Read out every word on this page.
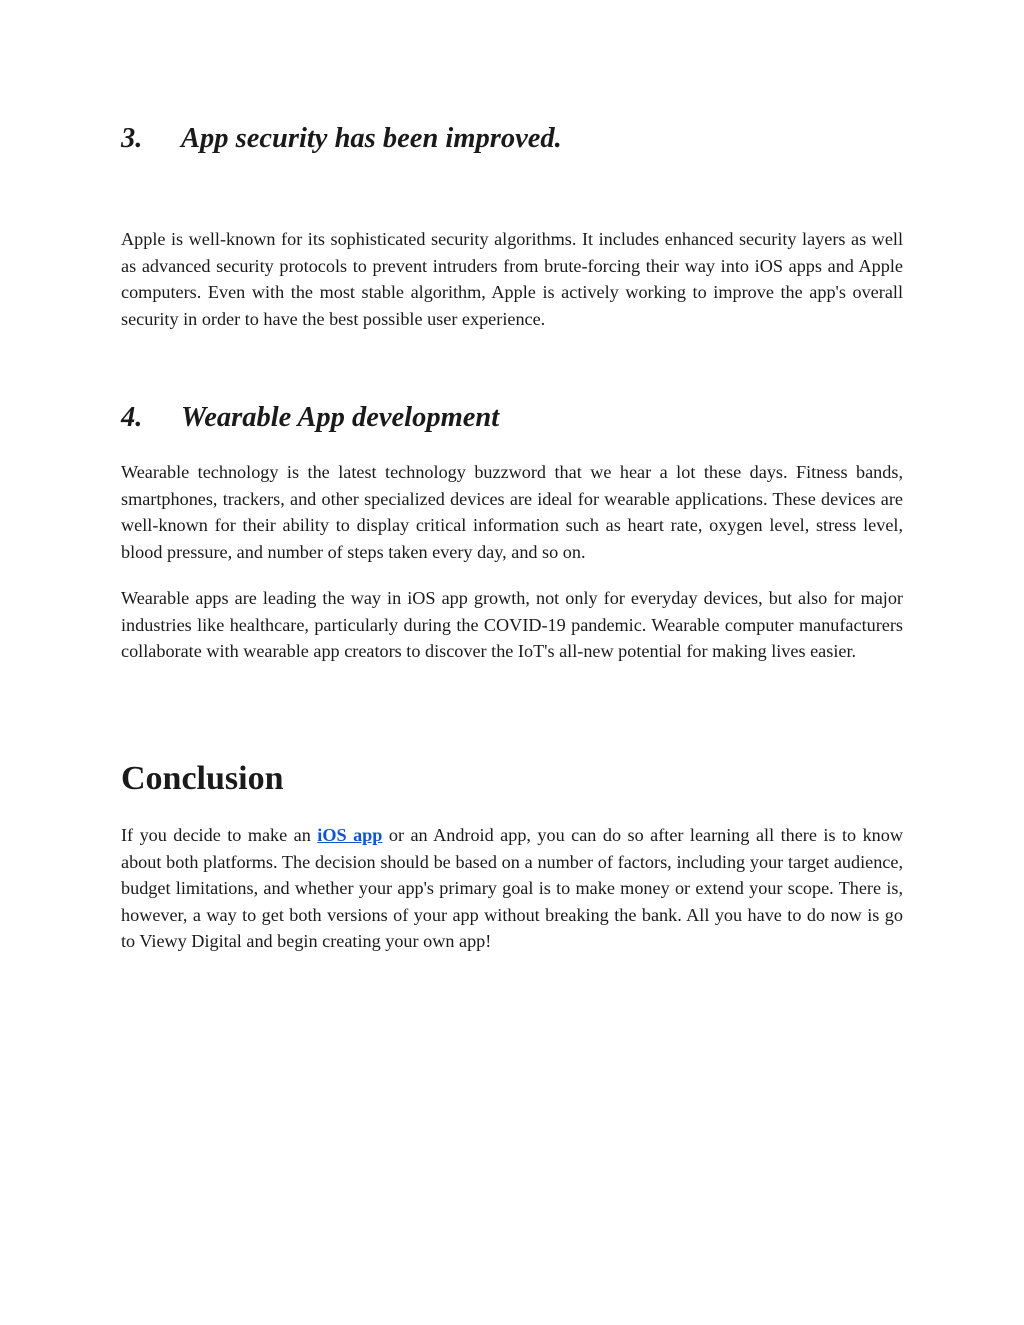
3. App security has been improved.

Apple is well-known for its sophisticated security algorithms. It includes enhanced security layers as well as advanced security protocols to prevent intruders from brute-forcing their way into iOS apps and Apple computers. Even with the most stable algorithm, Apple is actively working to improve the app's overall security in order to have the best possible user experience.

4. Wearable App development

Wearable technology is the latest technology buzzword that we hear a lot these days. Fitness bands, smartphones, trackers, and other specialized devices are ideal for wearable applications. These devices are well-known for their ability to display critical information such as heart rate, oxygen level, stress level, blood pressure, and number of steps taken every day, and so on.

Wearable apps are leading the way in iOS app growth, not only for everyday devices, but also for major industries like healthcare, particularly during the COVID-19 pandemic. Wearable computer manufacturers collaborate with wearable app creators to discover the IoT's all-new potential for making lives easier.

Conclusion

If you decide to make an iOS app or an Android app, you can do so after learning all there is to know about both platforms. The decision should be based on a number of factors, including your target audience, budget limitations, and whether your app's primary goal is to make money or extend your scope. There is, however, a way to get both versions of your app without breaking the bank. All you have to do now is go to Viewy Digital and begin creating your own app!
